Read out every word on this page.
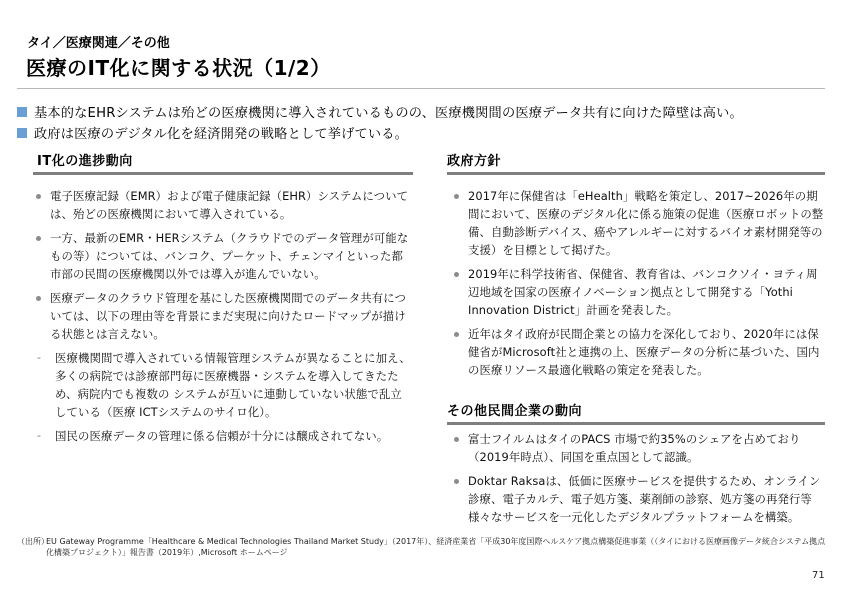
タイ／医療関連／その他
医療のIT化に関する状況（1/2）
基本的なEHRシステムは殆どの医療機関に導入されているものの、医療機関間の医療データ共有に向けた障壁は高い。
政府は医療のデジタル化を経済開発の戦略として挙げている。
IT化の進捗動向
電子医療記録（EMR）および電子健康記録（EHR）システムについては、殆どの医療機関において導入されている。
一方、最新のEMR・HERシステム（クラウドでのデータ管理が可能なもの等）については、バンコク、プーケット、チェンマイといった都市部の民間の医療機関以外では導入が進んでいない。
医療データのクラウド管理を基にした医療機関間でのデータ共有については、以下の理由等を背景にまだ実現に向けたロードマップが描ける状態とは言えない。
- 医療機関間で導入されている情報管理システムが異なることに加え、多くの病院では診療部門毎に医療機器・システムを導入してきたため、病院内でも複数の システムが互いに連動していない状態で乱立している（医療 ICTシステムのサイロ化）。
- 国民の医療データの管理に係る信頼が十分には醸成されてない。
政府方針
2017年に保健省は「eHealth」戦略を策定し、2017~2026年の期間において、医療のデジタル化に係る施策の促進（医療ロボットの整備、自動診断デバイス、癌やアレルギーに対するバイオ素材開発等の支援）を目標として掲げた。
2019年に科学技術省、保健省、教育省は、バンコクソイ・ヨティ周辺地域を国家の医療イノベーション拠点として開発する「Yothi Innovation District」計画を発表した。
近年はタイ政府が民間企業との協力を深化しており、2020年には保健省がMicrosoft社と連携の上、医療データの分析に基づいた、国内の医療リソース最適化戦略の策定を発表した。
その他民間企業の動向
富士フイルムはタイのPACS 市場で約35%のシェアを占めており（2019年時点）、同国を重点国として認識。
Doktar Raksaは、低価に医療サービスを提供するため、オンライン診療、電子カルテ、電子処方箋、薬剤師の診察、処方箋の再発行等様々なサービスを一元化したデジタルプラットフォームを構築。
（出所）
EU Gateway Programme「Healthcare & Medical Technologies Thailand Market Study」（2017年）、経済産業省「平成30年度国際ヘルスケア拠点構築促進事業（（タイにおける医療画像データ統合システム拠点化構築プロジェクト）」報告書（2019年）,Microsoft ホームページ
71
